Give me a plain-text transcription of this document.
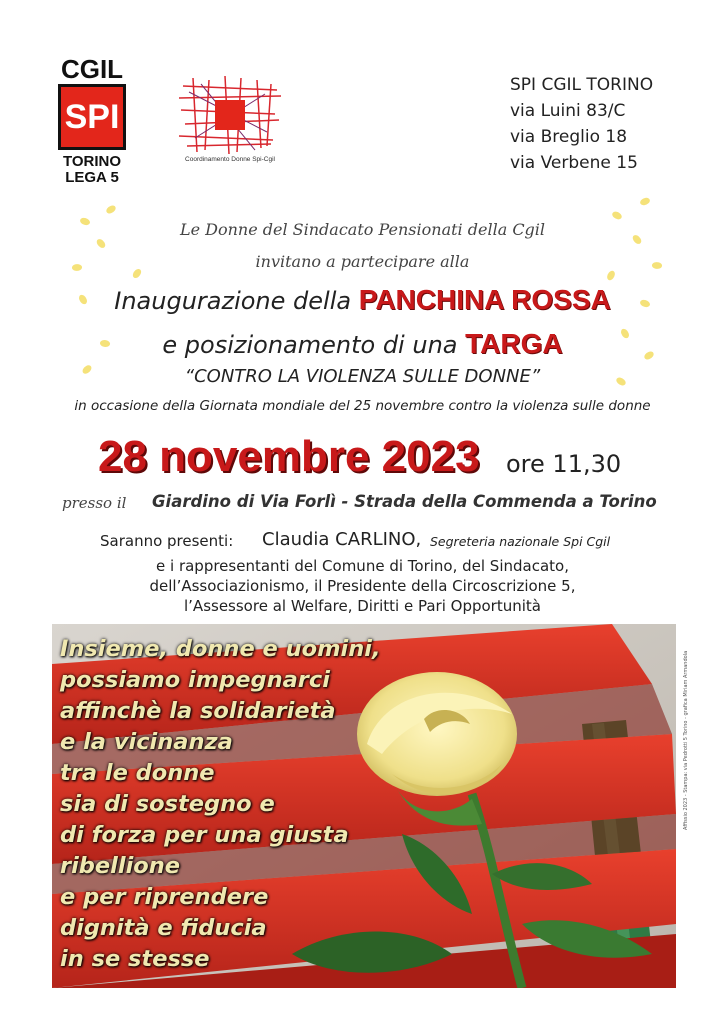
CGIL
SPI
TORINO
LEGA 5
Coordinamento Donne Spi-Cgil
SPI CGIL TORINO
via Luini 83/C
via Breglio 18
via Verbene 15
Le Donne del Sindacato Pensionati della Cgil
invitano a partecipare alla
Inaugurazione della PANCHINA ROSSA
e posizionamento di una TARGA
“CONTRO LA VIOLENZA SULLE DONNE”
in occasione della Giornata mondiale del 25 novembre contro la violenza sulle donne
28 novembre 2023 ore 11,30
presso il Giardino di Via Forlì - Strada della Commenda a Torino
Saranno presenti: Claudia CARLINO, Segreteria nazionale Spi Cgil
e i rappresentanti del Comune di Torino, del Sindacato,
dell’Associazionismo, il Presidente della Circoscrizione 5,
l’Assessore al Welfare, Diritti e Pari Opportunità
Insieme, donne e uomini,
possiamo impegnarci
affinchè la solidarietà
e la vicinanza
tra le donne
sia di sostegno e
di forza per una giusta
ribellione
e per riprendere
dignità e fiducia
in se stesse
Affissio 2023 - Stampa: via Pedrotti 5 Torino - grafica Miriam Armandola
